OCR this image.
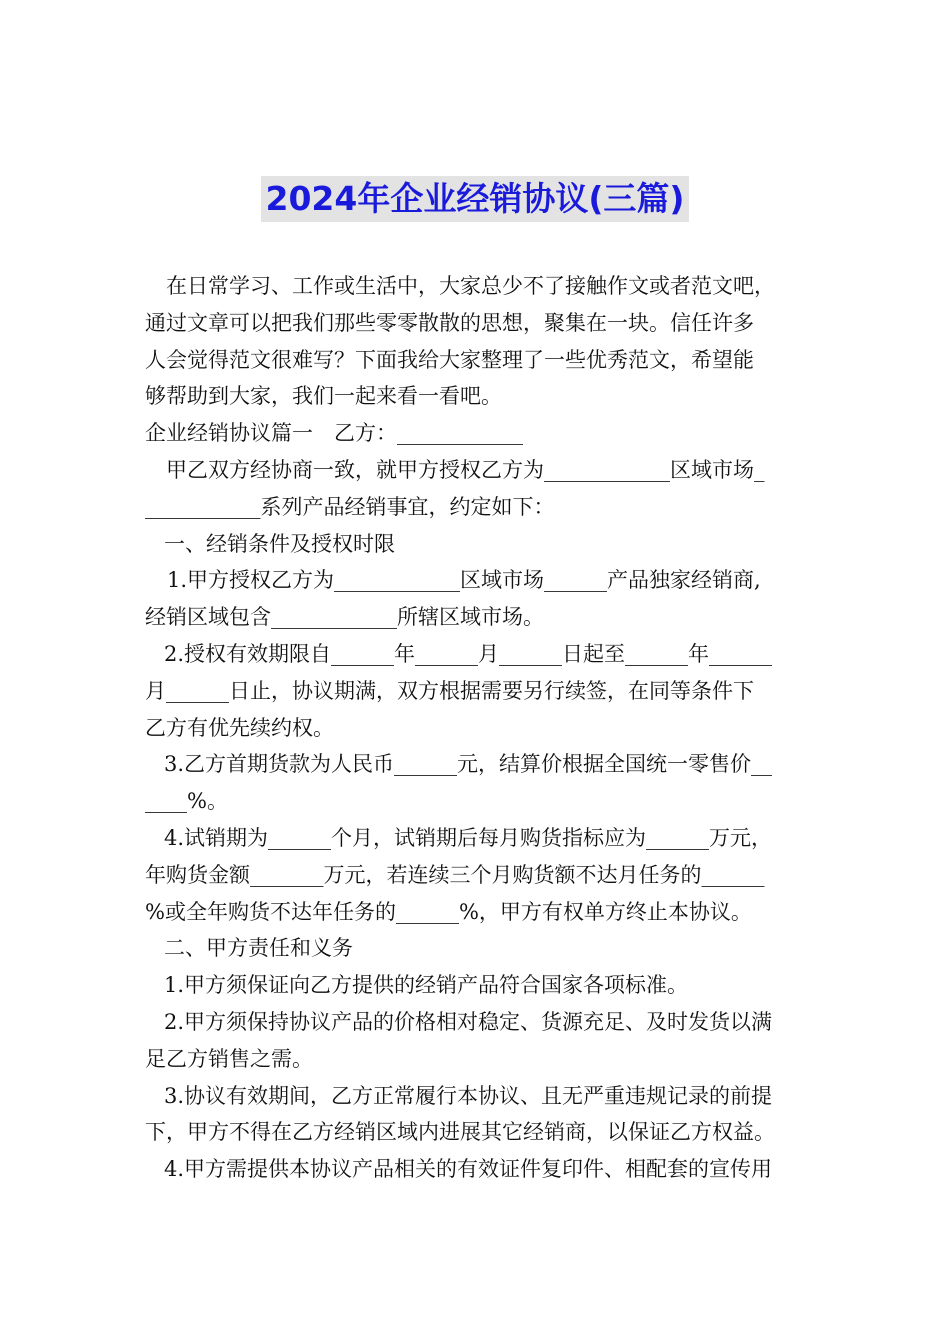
2024年企业经销协议(三篇)
在日常学习、工作或生活中，大家总少不了接触作文或者范文吧，
通过文章可以把我们那些零零散散的思想，聚集在一块。信任许多
人会觉得范文很难写？下面我给大家整理了一些优秀范文，希望能
够帮助到大家，我们一起来看一看吧。
企业经销协议篇一　乙方：____________
甲乙双方经协商一致，就甲方授权乙方为____________区域市场_
___________系列产品经销事宜，约定如下：
一、经销条件及授权时限
1.甲方授权乙方为____________区域市场______产品独家经销商,
经销区域包含____________所辖区域市场。
2.授权有效期限自______年______月______日起至______年______
月______日止，协议期满，双方根据需要另行续签，在同等条件下
乙方有优先续约权。
3.乙方首期货款为人民币______元，结算价根据全国统一零售价__
____%。
4.试销期为______个月，试销期后每月购货指标应为______万元，
年购货金额_______万元，若连续三个月购货额不达月任务的______
%或全年购货不达年任务的______%，甲方有权单方终止本协议。
二、甲方责任和义务
1.甲方须保证向乙方提供的经销产品符合国家各项标准。
2.甲方须保持协议产品的价格相对稳定、货源充足、及时发货以满
足乙方销售之需。
3.协议有效期间，乙方正常履行本协议、且无严重违规记录的前提
下，甲方不得在乙方经销区域内进展其它经销商，以保证乙方权益。
4.甲方需提供本协议产品相关的有效证件复印件、相配套的宣传用
